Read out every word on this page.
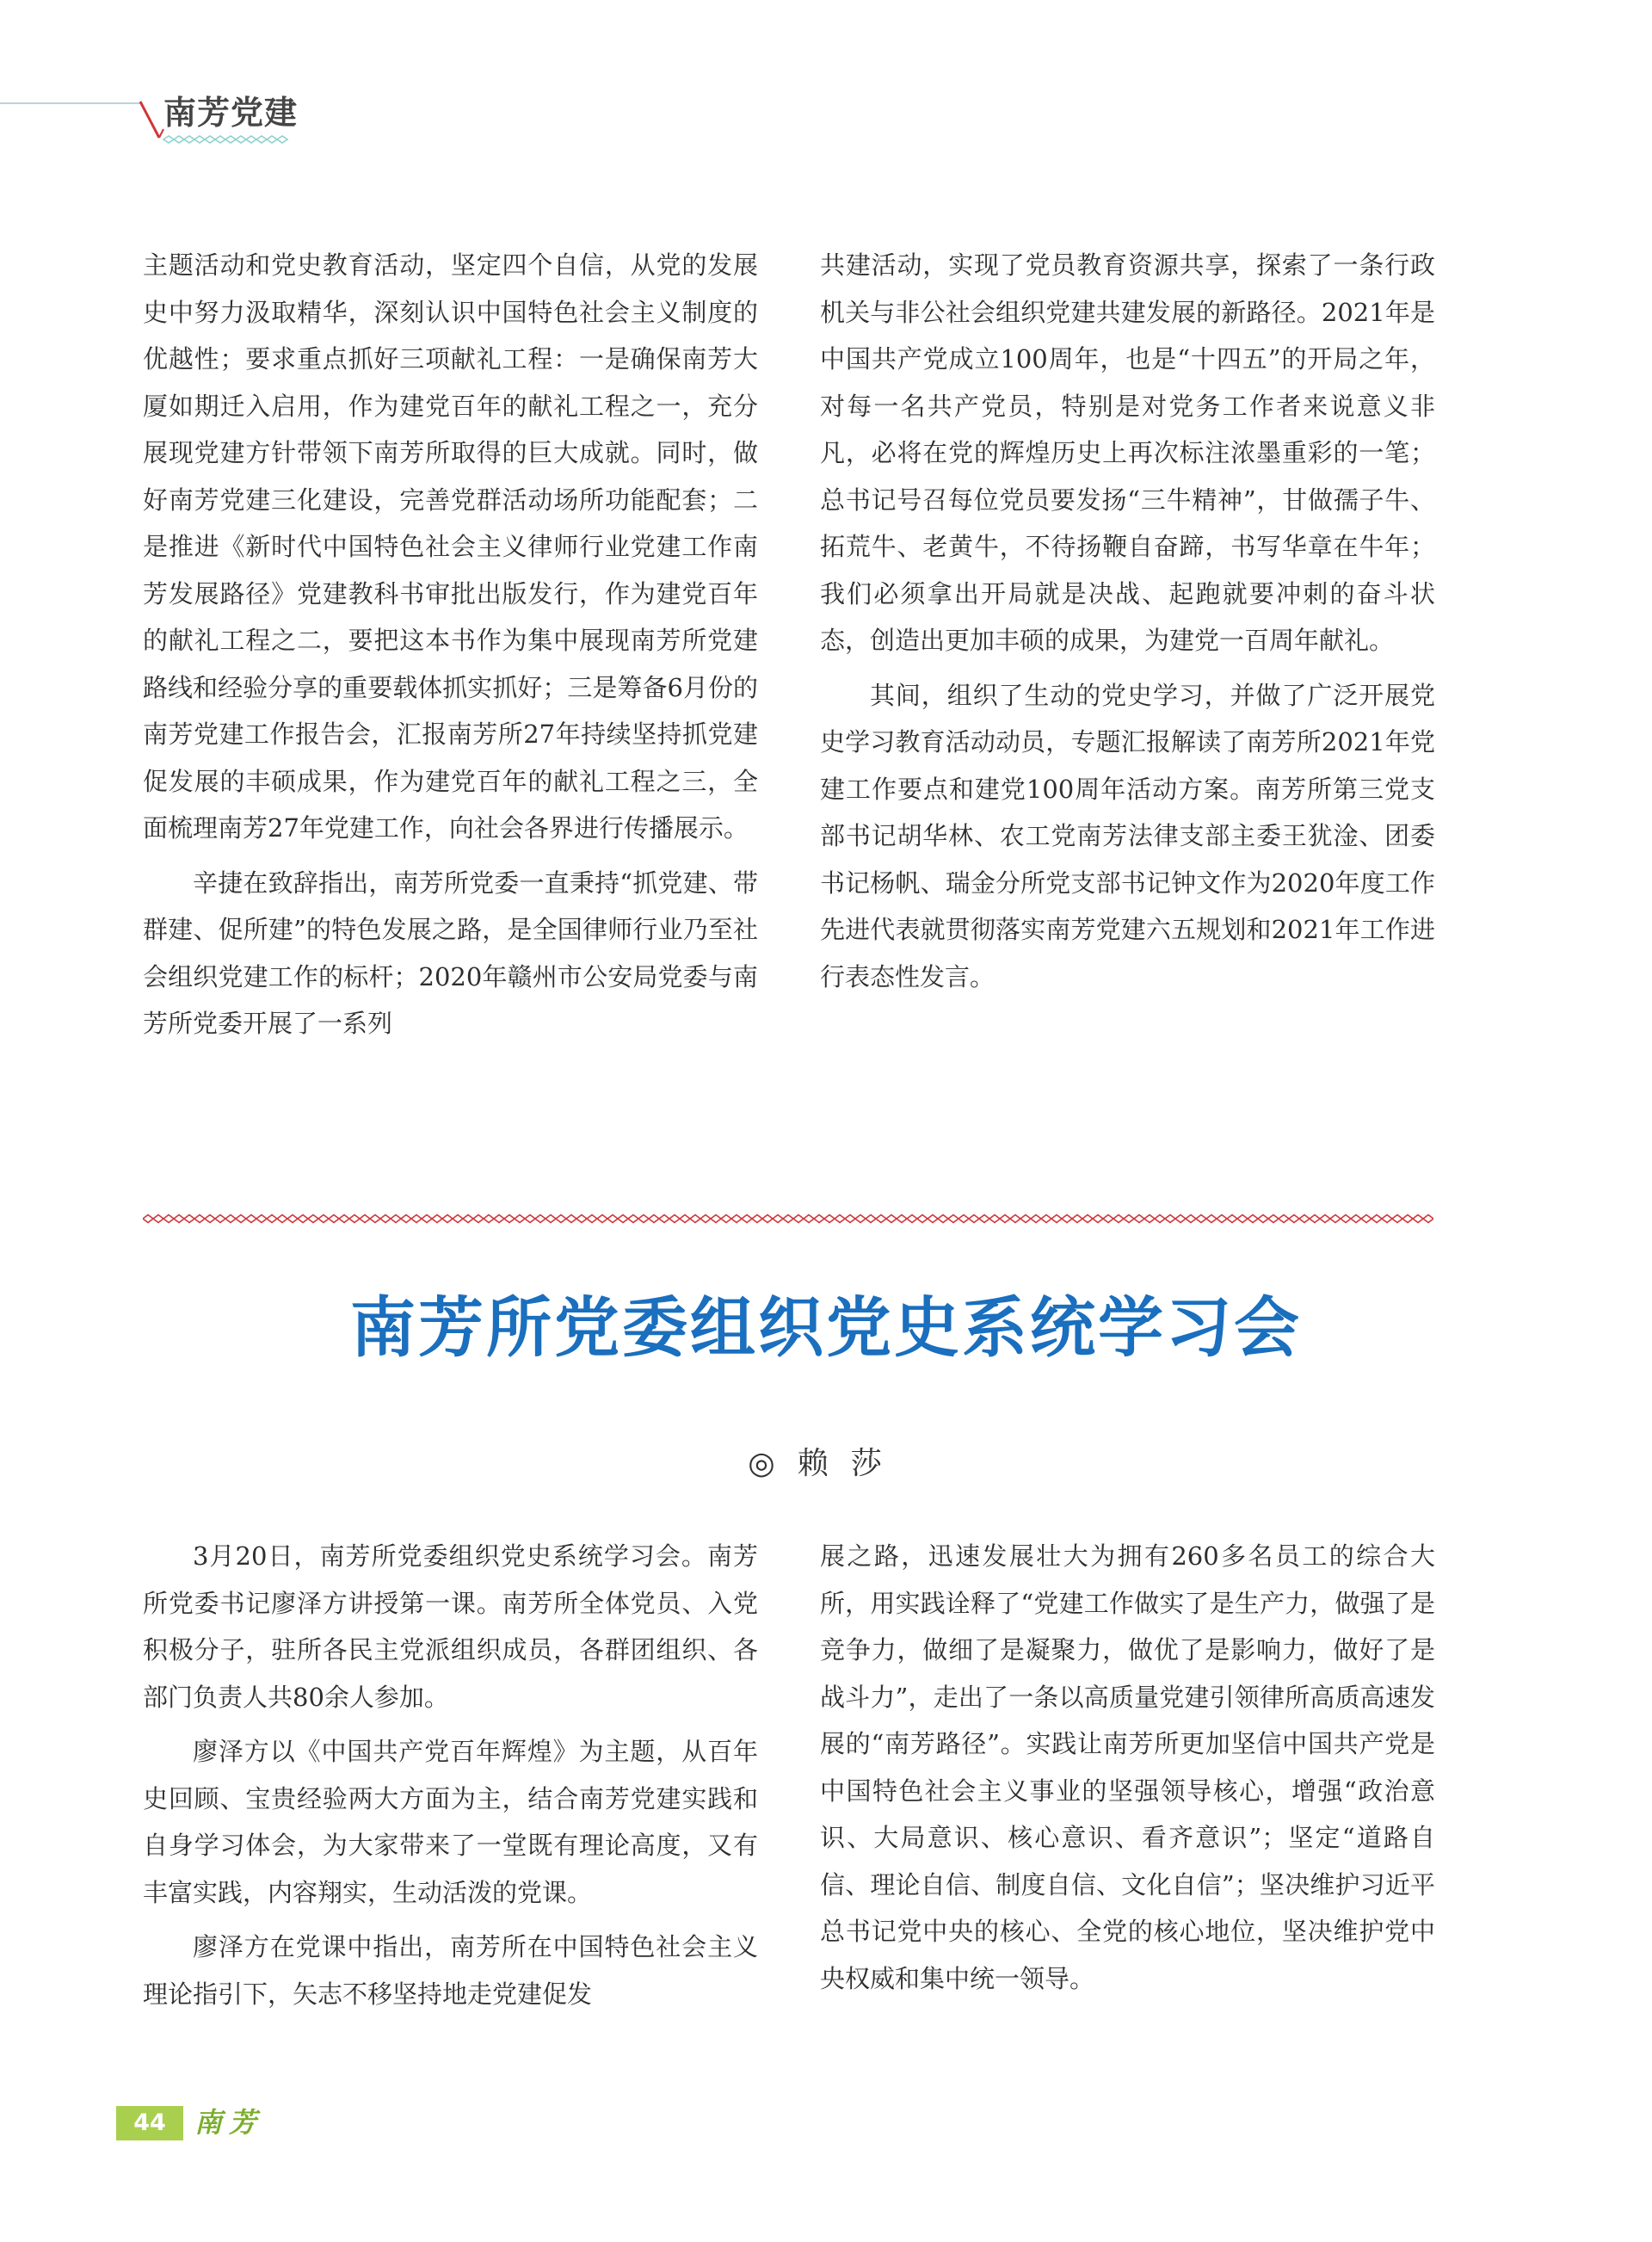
南芳党建

主题活动和党史教育活动，坚定四个自信，从党的发展史中努力汲取精华，深刻认识中国特色社会主义制度的优越性；要求重点抓好三项献礼工程：一是确保南芳大厦如期迁入启用，作为建党百年的献礼工程之一，充分展现党建方针带领下南芳所取得的巨大成就。同时，做好南芳党建三化建设，完善党群活动场所功能配套；二是推进《新时代中国特色社会主义律师行业党建工作南芳发展路径》党建教科书审批出版发行，作为建党百年的献礼工程之二，要把这本书作为集中展现南芳所党建路线和经验分享的重要载体抓实抓好；三是筹备6月份的南芳党建工作报告会，汇报南芳所27年持续坚持抓党建促发展的丰硕成果，作为建党百年的献礼工程之三，全面梳理南芳27年党建工作，向社会各界进行传播展示。

辛捷在致辞指出，南芳所党委一直秉持“抓党建、带群建、促所建”的特色发展之路，是全国律师行业乃至社会组织党建工作的标杆；2020年赣州市公安局党委与南芳所党委开展了一系列

共建活动，实现了党员教育资源共享，探索了一条行政机关与非公社会组织党建共建发展的新路径。2021年是中国共产党成立100周年，也是“十四五”的开局之年，对每一名共产党员，特别是对党务工作者来说意义非凡，必将在党的辉煌历史上再次标注浓墨重彩的一笔；总书记号召每位党员要发扬“三牛精神”，甘做孺子牛、拓荒牛、老黄牛，不待扬鞭自奋蹄，书写华章在牛年；我们必须拿出开局就是决战、起跑就要冲刺的奋斗状态，创造出更加丰硕的成果，为建党一百周年献礼。

其间，组织了生动的党史学习，并做了广泛开展党史学习教育活动动员，专题汇报解读了南芳所2021年党建工作要点和建党100周年活动方案。南芳所第三党支部书记胡华林、农工党南芳法律支部主委王犹淦、团委书记杨帆、瑞金分所党支部书记钟文作为2020年度工作先进代表就贯彻落实南芳党建六五规划和2021年工作进行表态性发言。

南芳所党委组织党史系统学习会
◎赖莎

3月20日，南芳所党委组织党史系统学习会。南芳所党委书记廖泽方讲授第一课。南芳所全体党员、入党积极分子，驻所各民主党派组织成员，各群团组织、各部门负责人共80余人参加。

廖泽方以《中国共产党百年辉煌》为主题，从百年史回顾、宝贵经验两大方面为主，结合南芳党建实践和自身学习体会，为大家带来了一堂既有理论高度，又有丰富实践，内容翔实，生动活泼的党课。

廖泽方在党课中指出，南芳所在中国特色社会主义理论指引下，矢志不移坚持地走党建促发

展之路，迅速发展壮大为拥有260多名员工的综合大所，用实践诠释了“党建工作做实了是生产力，做强了是竞争力，做细了是凝聚力，做优了是影响力，做好了是战斗力”，走出了一条以高质量党建引领律所高质高速发展的“南芳路径”。实践让南芳所更加坚信中国共产党是中国特色社会主义事业的坚强领导核心，增强“政治意识、大局意识、核心意识、看齐意识”；坚定“道路自信、理论自信、制度自信、文化自信”；坚决维护习近平总书记党中央的核心、全党的核心地位，坚决维护党中央权威和集中统一领导。

44	南芳
